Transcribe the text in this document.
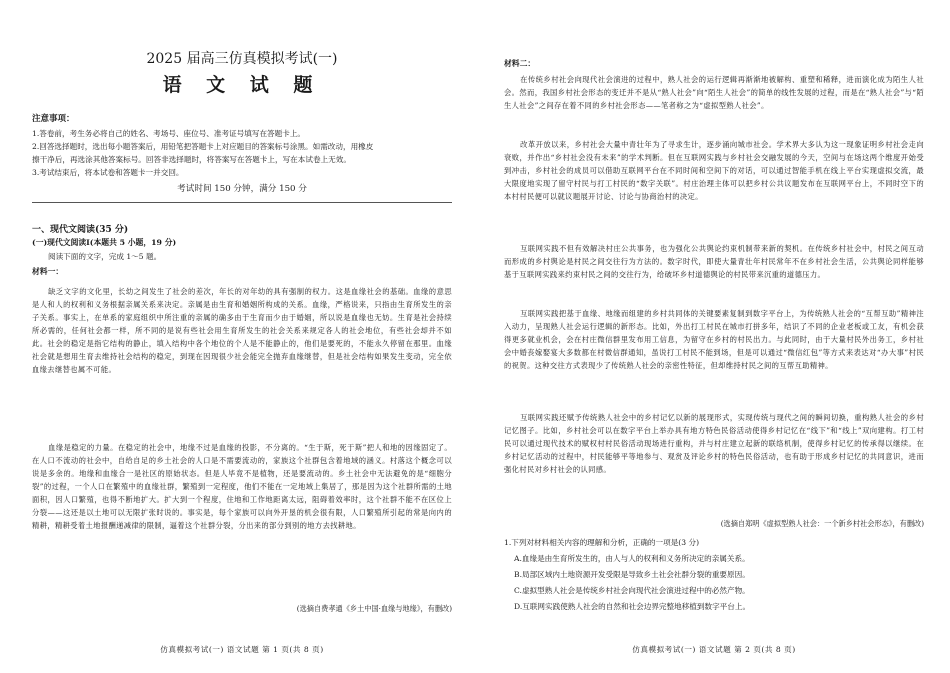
2025 届高三仿真模拟考试(一)
语 文 试 题
注意事项：
1.答卷前，考生务必将自己的姓名、考场号、座位号、准考证号填写在答题卡上。
2.回答选择题时，选出每小题答案后，用铅笔把答题卡上对应题目的答案标号涂黑。如需改动，用橡皮
擦干净后，再选涂其他答案标号。回答非选择题时，将答案写在答题卡上，写在本试卷上无效。
3.考试结束后，将本试卷和答题卡一并交回。
考试时间 150 分钟，满分 150 分
一、现代文阅读(35 分)
(一)现代文阅读Ⅰ(本题共 5 小题，19 分)
阅读下面的文字，完成 1～5 题。
材料一：
缺乏文字的文化里，长幼之间发生了社会的差次，年长的对年幼的具有强制的权力。这是血缘社会的基础。血缘的意思是人和人的权利和义务根据亲属关系来决定。亲属是由生育和婚姻所构成的关系。血缘，严格说来，只指由生育所发生的亲子关系。事实上，在单系的家庭组织中所注重的亲属的确多由于生育而少由于婚姻，所以说是血缘也无妨。生育是社会持续所必需的，任何社会都一样，所不同的是说有些社会用生育所发生的社会关系来规定各人的社会地位，有些社会却并不如此。社会的稳定是指它结构的静止，填入结构中各个地位的个人是不能静止的，他们是要死的，不能永久停留在那里。血缘社会就是想用生育去维持社会结构的稳定，到现在因现很少社会能完全抛弃血缘继替，但是社会结构如果发生变动，完全依血缘去继替也属不可能。
血缘是稳定的力量。在稳定的社会中，地缘不过是血缘的投影，不分离的。“生于斯，死于斯”把人和地的因缘固定了。在人口不流动的社会中，自给自足的乡土社会的人口是不需要流动的，家族这个社群包含着地域的涵义。村落这个概念可以说是多余的。地缘和血缘合一是社区的原始状态。但是人毕竟不是植物，还是要流动的。乡土社会中无法避免的是“细胞分裂”的过程，一个人口在繁殖中的血缘社群，繁殖到一定程度，他们不能在一定地域上集居了，那是因为这个社群所需的土地面积，因人口繁殖，也得不断地扩大。扩大到一个程度，住地和工作地距离太远，阻碍着效率时，这个社群不能不在区位上分裂——这还是以土地可以无限扩张时说的。事实是，每个家族可以向外开垦的机会很有限，人口繁殖所引起的常是向内的精耕，精耕受着土地报酬递减律的限制，逼着这个社群分裂，分出来的部分到别的地方去找耕地。
(选摘自费孝通《乡土中国·血缘与地缘》，有删改)
仿真模拟考试(一) 语文试题 第 1 页(共 8 页)
材料二：
在传统乡村社会向现代社会演进的过程中，熟人社会的运行逻辑再渐渐地被解构、重塑和稀释，进而演化成为陌生人社会。然而，我国乡村社会形态的变迁并不是从“熟人社会”向“陌生人社会”的简单的线性发展的过程，而是在“熟人社会”与“陌生人社会”之间存在着不同的乡村社会形态——笔者称之为“虚拟型熟人社会”。
改革开放以来，乡村社会大量中青壮年为了寻求生计，逐步涌向城市社会。学术界大多认为这一现象证明乡村社会走向衰败，并作出“乡村社会没有未来”的学术判断。但在互联网实践与乡村社会交融发展的今天，空间与在场这两个维度开始受到冲击，乡村社会的成员可以借助互联网平台在不同时间和空间下的对话，可以通过智能手机在线上平台实现虚拟交流，最大限度地实现了留守村民与打工村民的“数字关联”。村庄治理主体可以把乡村公共议题发布在互联网平台上，不同时空下的本村村民便可以就议题展开讨论、讨论与协商治村的决定。
互联网实践不但有效解决村庄公共事务，也为强化公共舆论约束机制带来新的契机。在传统乡村社会中，村民之间互动而形成的乡村舆论是村民之间交往行为方法的。数字时代，即使大量青壮年村民常年不在乡村社会生活，公共舆论同样能够基于互联网实践来约束村民之间的交往行为，给破坏乡村道德舆论的村民带来沉重的道德压力。
互联网实践把基于血缘、地缘而组建的乡村共同体的关键要素复制到数字平台上，为传统熟人社会的“互帮互助”精神注入动力，呈现熟人社会运行逻辑的新形态。比如，外出打工村民在城市打拼多年，结识了不同的企业老板或工友，有机会获得更多就业机会，会在村庄微信群里发布用工信息，为留守在乡村的村民出力。与此同时，由于大量村民外出务工，乡村社会中婚丧嫁娶宴大多数都在村微信群通知，虽说打工村民不能到场，但是可以通过“微信红包”等方式来表达对“办大事”村民的祝贺。这种交往方式表现少了传统熟人社会的亲密性特征，但却维持村民之间的互帮互助精神。
互联网实践还赋予传统熟人社会中的乡村记忆以新的展现形式，实现传统与现代之间的瞬间切换，重构熟人社会的乡村记忆图子。比如，乡村社会可以在数字平台上举办具有地方特色民俗活动使得乡村记忆在“线下”和“线上”双向建构。打工村民可以通过现代技术的赋权村村民俗活动现场进行重构，并与村庄建立起新的联络机制，使得乡村记忆的传承得以继续。在乡村记忆活动的过程中，村民能够平等地参与、观赏及评论乡村的特色民俗活动，也有助于形成乡村记忆的共同意识，进而强化村民对乡村社会的认同感。
(选摘自郑明《虚拟型熟人社会：一个新乡村社会形态》，有删改)
1.下列对材料相关内容的理解和分析，正确的一项是(3 分)
A.血缘是由生育所发生的，由人与人的权利和义务所决定的亲属关系。
B.局部区域内土地资源开发受限是导致乡土社会社群分裂的重要原因。
C.虚拟型熟人社会是传统乡村社会向现代社会演进过程中的必然产物。
D.互联网实践使熟人社会的自然和社会边界完整地移植到数字平台上。
仿真模拟考试(一) 语文试题 第 2 页(共 8 页)
